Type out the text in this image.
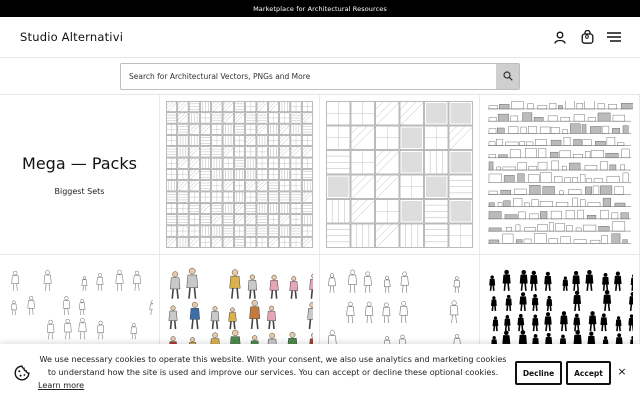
Marketplace for Architectural Resources
Studio Alternativi	0
Search for Architectural Vectors, PNGs and More
Mega — Packs
Biggest Sets
We use necessary cookies to operate this website. With your consent, we also use analytics and marketing cookies to understand how the site is used and improve our services. You can accept or decline these optional cookies.
Learn more
Decline	Accept	×
